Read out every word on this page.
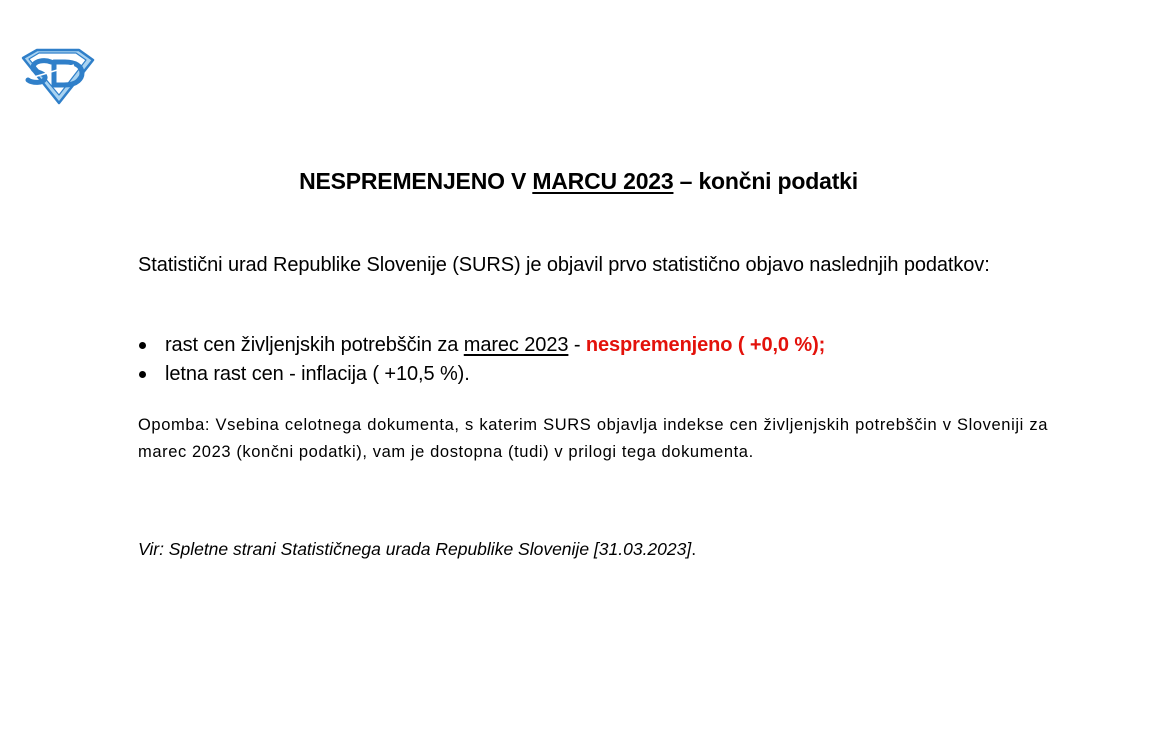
NESPREMENJENO V MARCU 2023 – končni podatki
Statistični urad Republike Slovenije (SURS) je objavil prvo statistično objavo naslednjih podatkov:
rast cen življenjskih potrebščin za marec 2023 - nespremenjeno ( +0,0 %);
letna rast cen - inflacija ( +10,5 %).
Opomba: Vsebina celotnega dokumenta, s katerim SURS objavlja indekse cen življenjskih potrebščin v Sloveniji za marec 2023 (končni podatki), vam je dostopna (tudi) v prilogi tega dokumenta.
Vir: Spletne strani Statističnega urada Republike Slovenije [31.03.2023].
